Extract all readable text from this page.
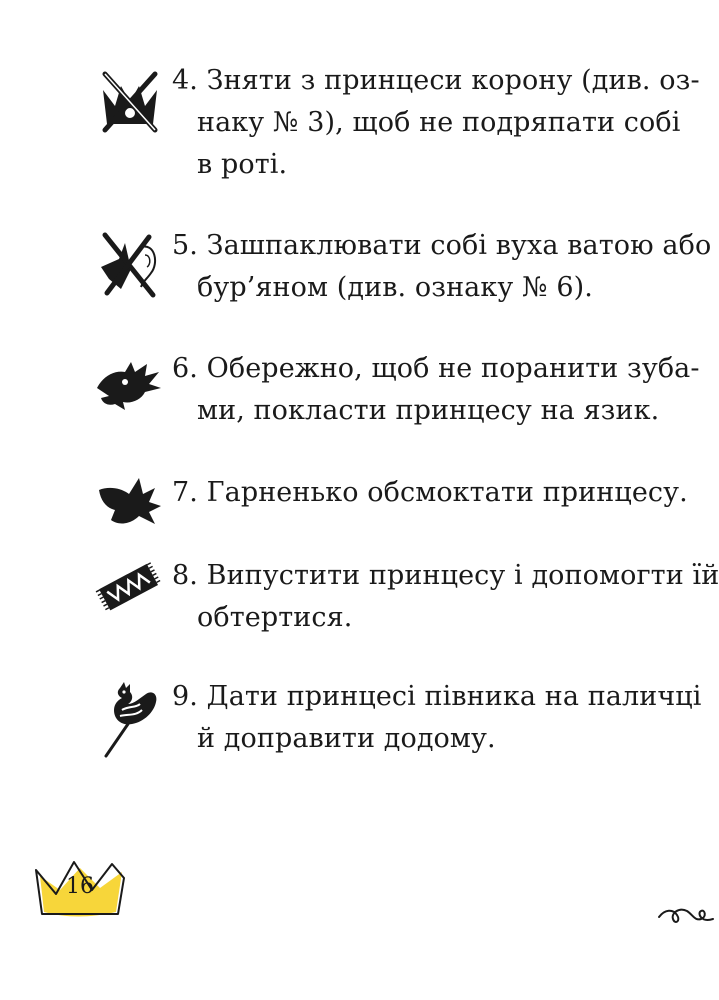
4. Зняти з принцеси корону (див. оз-
наку № 3), щоб не подряпати собі
в роті.
5. Зашпаклювати собі вуха ватою або
бур’яном (див. ознаку № 6).
6. Обережно, щоб не поранити зуба-
ми, покласти принцесу на язик.
7. Гарненько обсмоктати принцесу.
8. Випустити принцесу і допомогти їй
обтертися.
9. Дати принцесі півника на паличці
й доправити додому.
16
